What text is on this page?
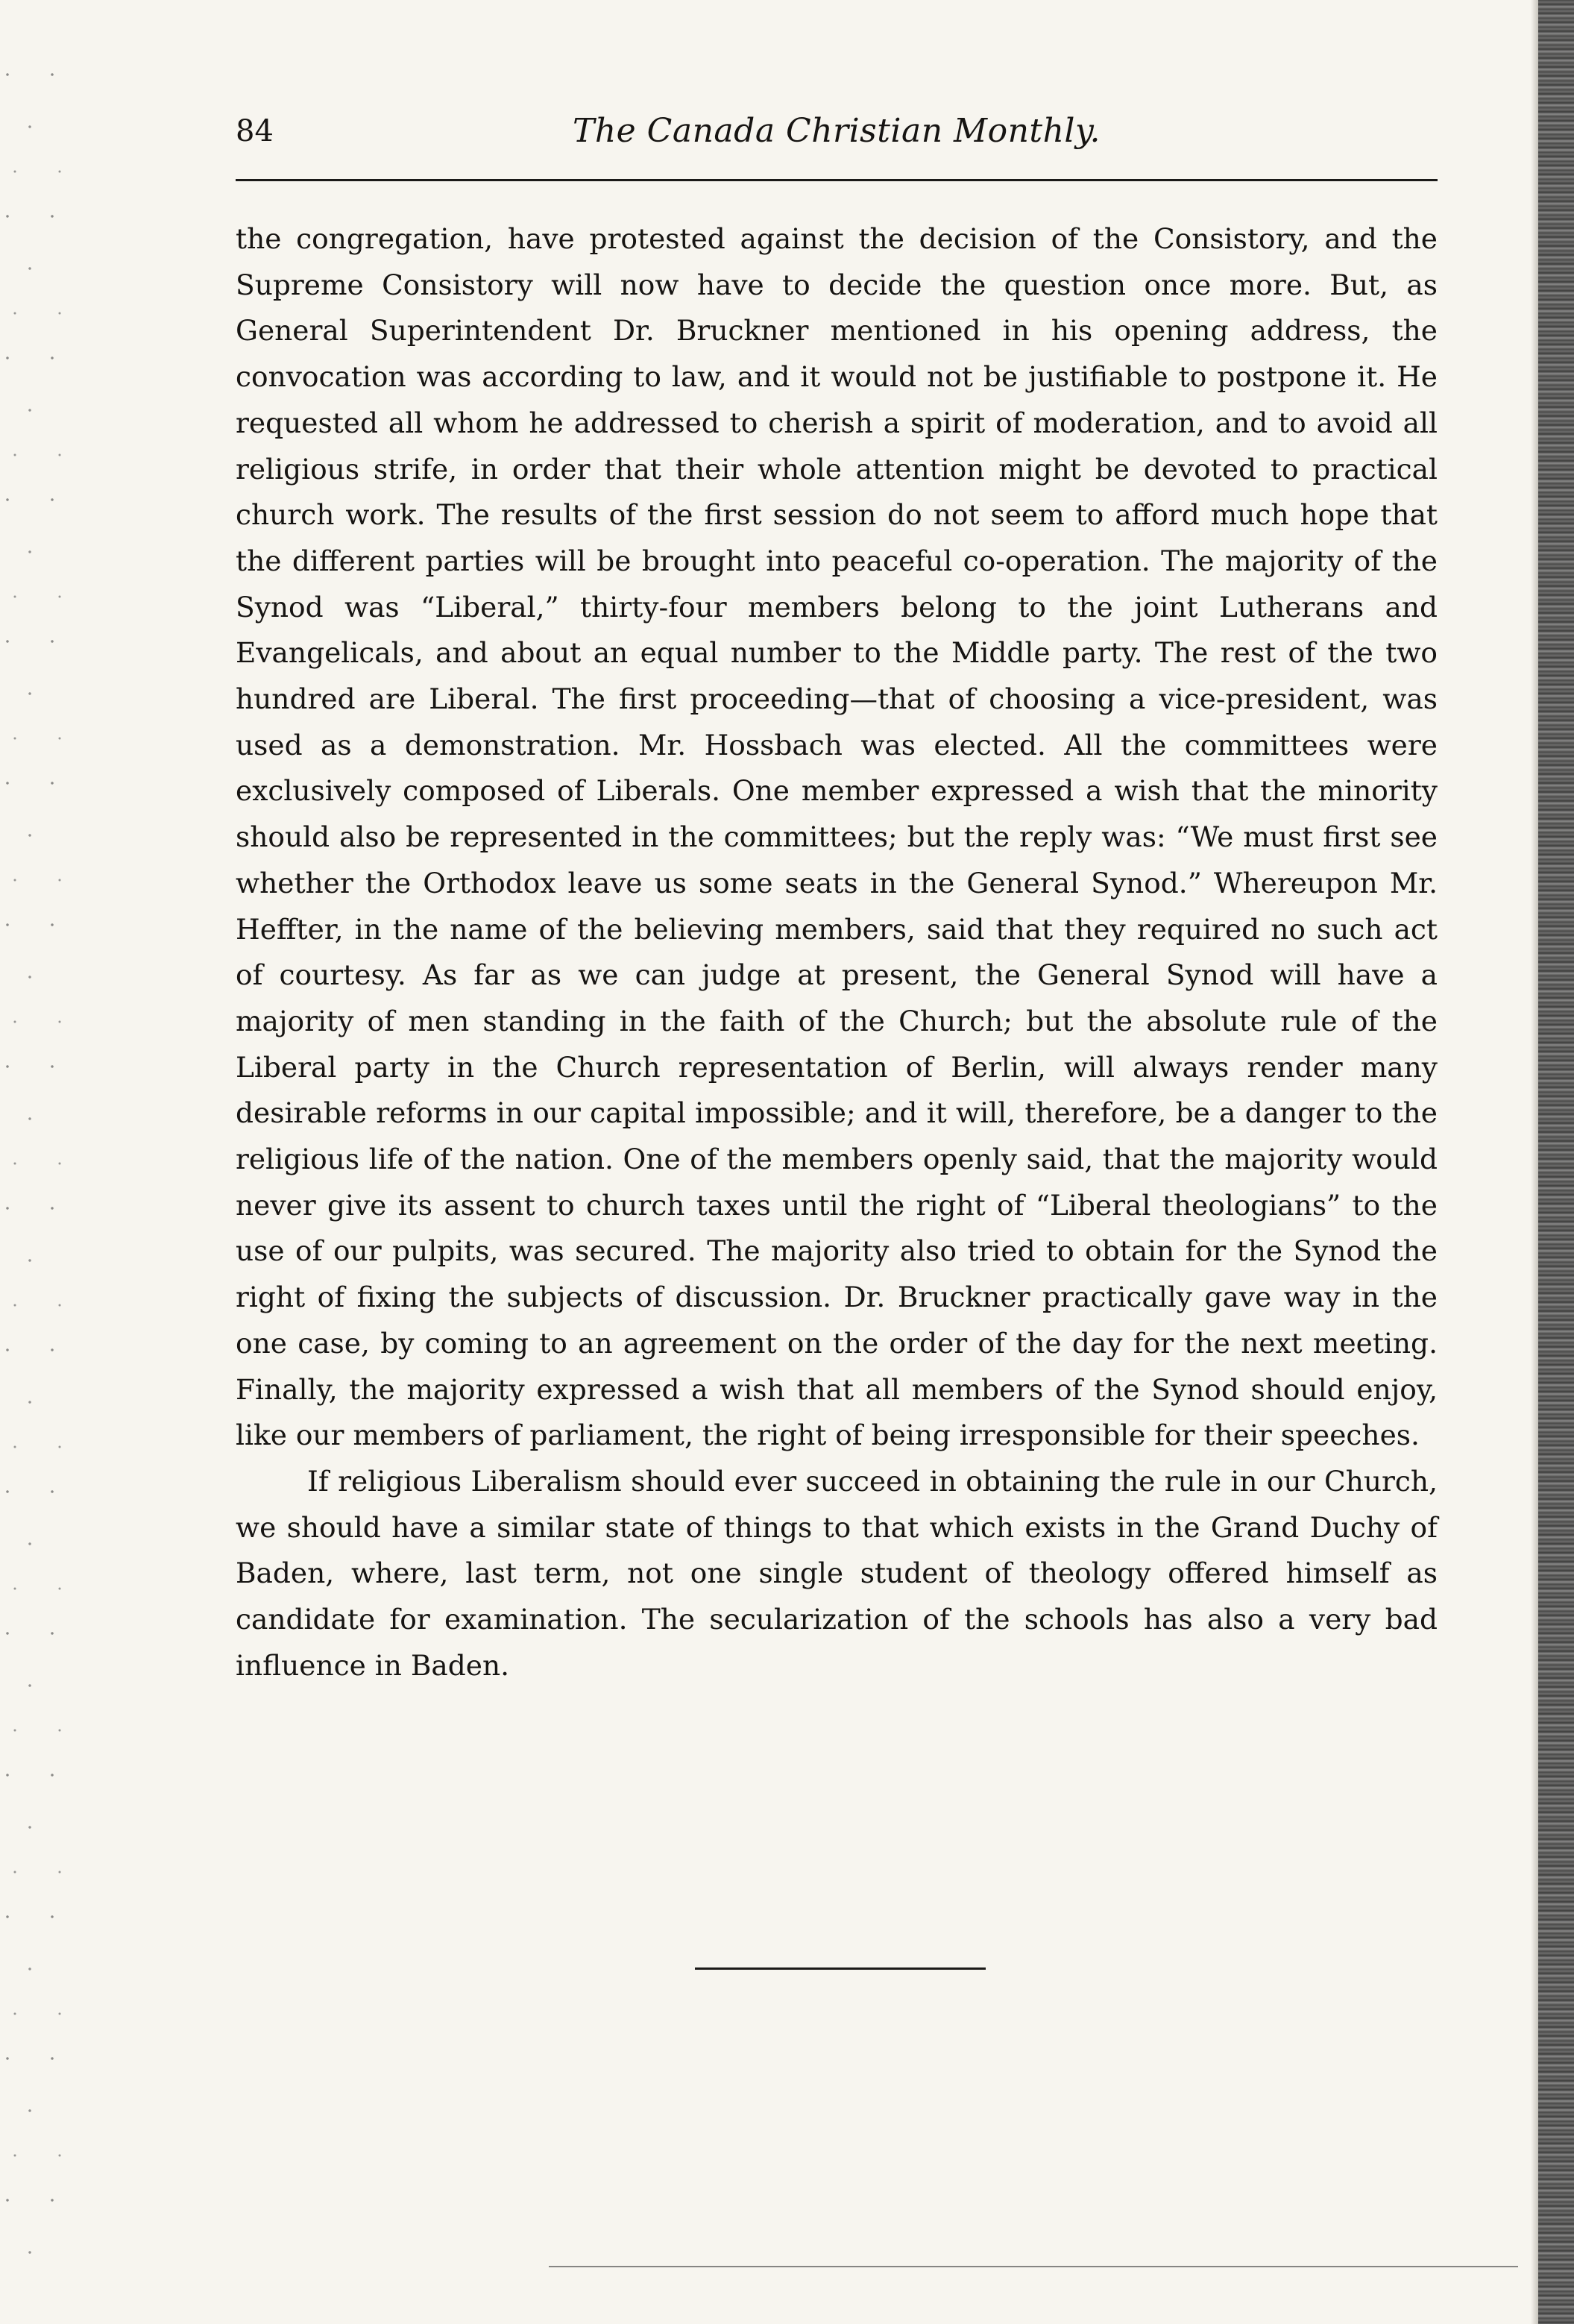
84	The Canada Christian Monthly.

the congregation, have protested against the decision of the Consistory, and the Supreme Consistory will now have to decide the question once more. But, as General Superintendent Dr. Bruckner mentioned in his opening address, the convocation was according to law, and it would not be justifiable to postpone it. He requested all whom he addressed to cherish a spirit of moderation, and to avoid all religious strife, in order that their whole attention might be devoted to practical church work. The results of the first session do not seem to afford much hope that the different parties will be brought into peaceful co-operation. The majority of the Synod was “Liberal,” thirty-four members belong to the joint Lutherans and Evangelicals, and about an equal number to the Middle party. The rest of the two hundred are Liberal. The first proceeding—that of choosing a vice-president, was used as a demonstration. Mr. Hossbach was elected. All the committees were exclusively composed of Liberals. One member expressed a wish that the minority should also be represented in the committees; but the reply was: “We must first see whether the Orthodox leave us some seats in the General Synod.” Whereupon Mr. Heffter, in the name of the believing members, said that they required no such act of courtesy. As far as we can judge at present, the General Synod will have a majority of men standing in the faith of the Church; but the absolute rule of the Liberal party in the Church representation of Berlin, will always render many desirable reforms in our capital impossible; and it will, therefore, be a danger to the religious life of the nation. One of the members openly said, that the majority would never give its assent to church taxes until the right of “Liberal theologians” to the use of our pulpits, was secured. The majority also tried to obtain for the Synod the right of fixing the subjects of discussion. Dr. Bruckner practically gave way in the one case, by coming to an agreement on the order of the day for the next meeting. Finally, the majority expressed a wish that all members of the Synod should enjoy, like our members of parliament, the right of being irresponsible for their speeches.

If religious Liberalism should ever succeed in obtaining the rule in our Church, we should have a similar state of things to that which exists in the Grand Duchy of Baden, where, last term, not one single student of theology offered himself as candidate for examination. The secularization of the schools has also a very bad influence in Baden.
